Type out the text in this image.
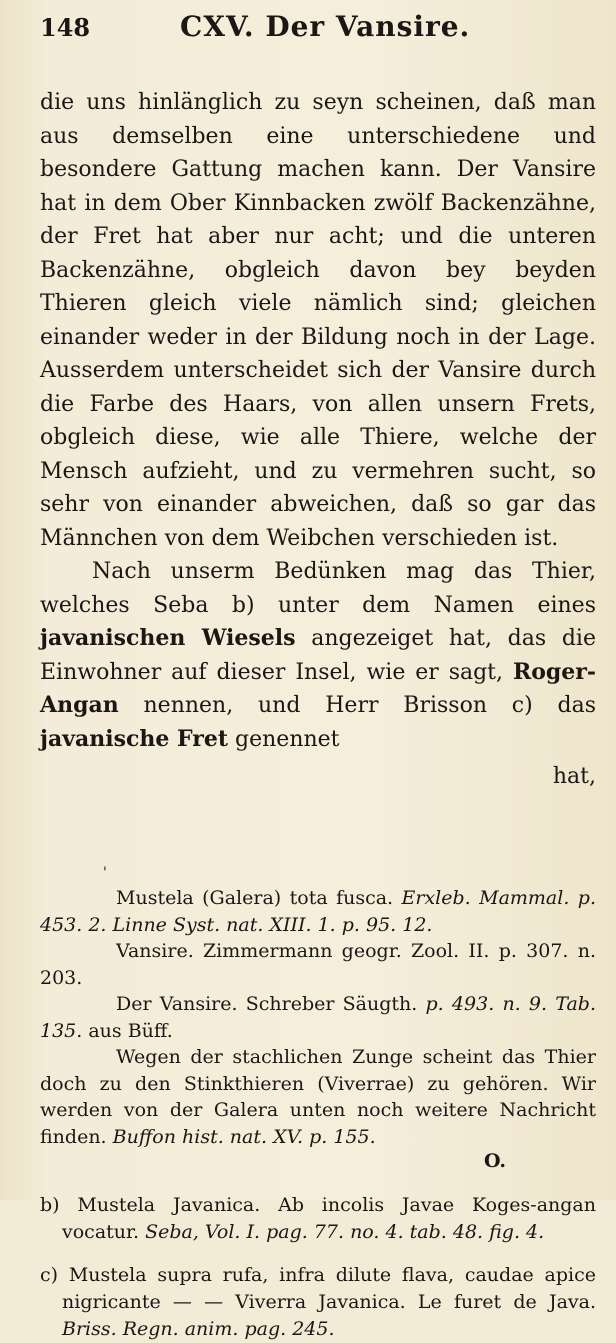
148	CXV. Der Vansire.

die uns hinlänglich zu seyn scheinen, daß man aus demselben eine unterschiedene und besondere Gattung machen kann. Der Vansire hat in dem Ober Kinnbacken zwölf Backenzähne, der Fret hat aber nur acht; und die unteren Backenzähne, obgleich davon bey beyden Thieren gleich viele nämlich sind; gleichen einander weder in der Bildung noch in der Lage. Ausserdem unterscheidet sich der Vansire durch die Farbe des Haars, von allen unsern Frets, obgleich diese, wie alle Thiere, welche der Mensch aufzieht, und zu vermehren sucht, so sehr von einander abweichen, daß so gar das Männchen von dem Weibchen verschieden ist.

Nach unserm Bedünken mag das Thier, welches Seba b) unter dem Namen eines javanischen Wiesels angezeiget hat, das die Einwohner auf dieser Insel, wie er sagt, Roger-Angan nennen, und Herr Brisson c) das javanische Fret genennet

hat,
'

Mustela (Galera) tota fusca. Erxleb. Mammal. p. 453. 2. Linne Syst. nat. XIII. 1. p. 95. 12.

Vansire. Zimmermann geogr. Zool. II. p. 307. n. 203.

Der Vansire. Schreber Säugth. p. 493. n. 9. Tab. 135. aus Büff.

Wegen der stachlichen Zunge scheint das Thier doch zu den Stinkthieren (Viverrae) zu gehören. Wir werden von der Galera unten noch weitere Nachricht finden. Buffon hist. nat. XV. p. 155.

O.
b) Mustela Javanica. Ab incolis Javae Koges-angan vocatur. Seba, Vol. I. pag. 77. no. 4. tab. 48. fig. 4.
c) Mustela supra rufa, infra dilute flava, caudae apice nigricante — — Viverra Javanica. Le furet de Java. Briss. Regn. anim. pag. 245.
